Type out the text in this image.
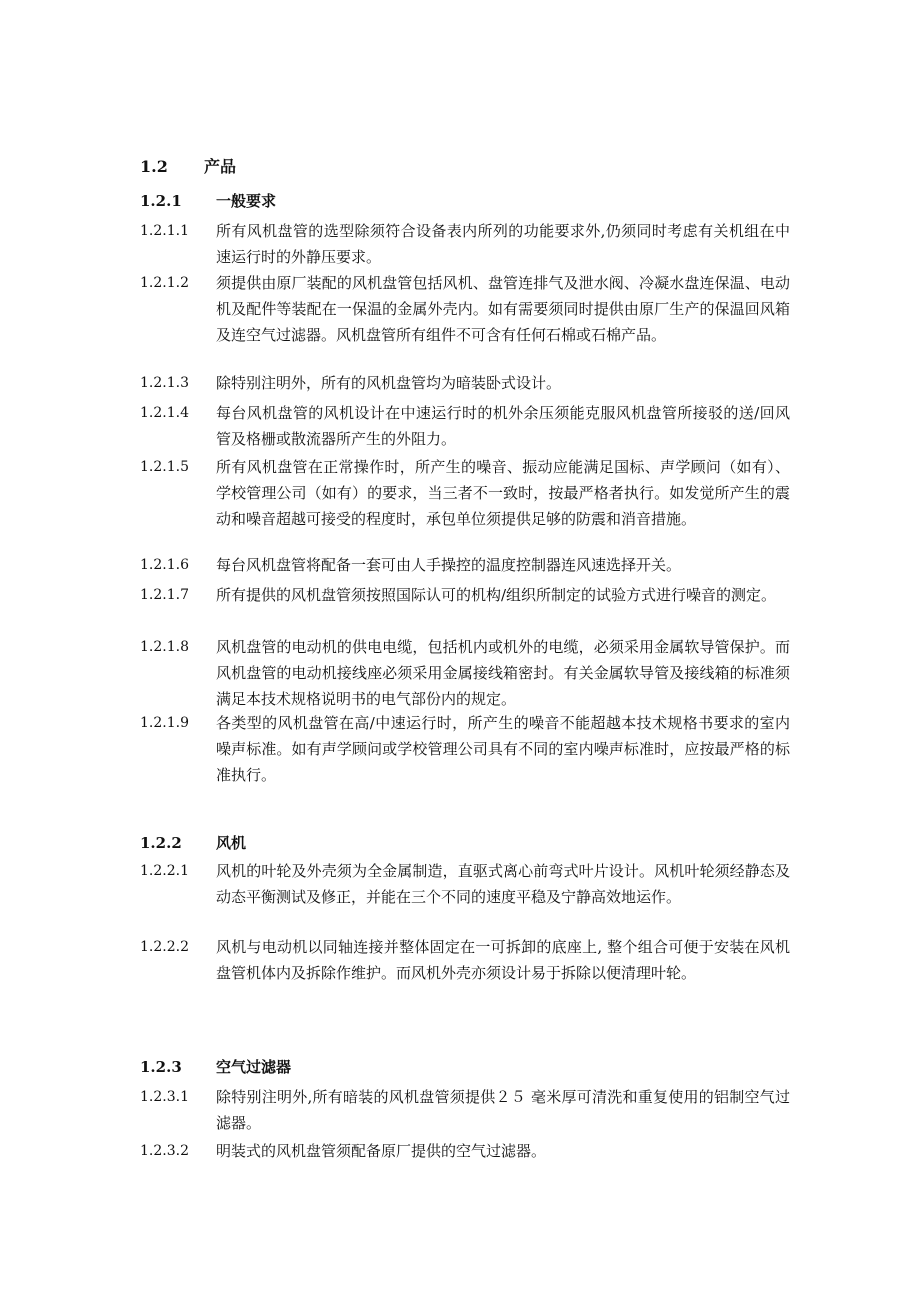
1.2 产品
1.2.1 一般要求
1.2.1.1 所有风机盘管的选型除须符合设备表内所列的功能要求外,仍须同时考虑有关机组在中速运行时的外静压要求。
1.2.1.2 须提供由原厂装配的风机盘管包括风机、盘管连排气及泄水阀、冷凝水盘连保温、电动机及配件等装配在一保温的金属外壳内。如有需要须同时提供由原厂生产的保温回风箱及连空气过滤器。风机盘管所有组件不可含有任何石棉或石棉产品。
1.2.1.3 除特别注明外，所有的风机盘管均为暗装卧式设计。
1.2.1.4 每台风机盘管的风机设计在中速运行时的机外余压须能克服风机盘管所接驳的送/回风管及格栅或散流器所产生的外阻力。
1.2.1.5 所有风机盘管在正常操作时，所产生的噪音、振动应能满足国标、声学顾问（如有）、学校管理公司（如有）的要求，当三者不一致时，按最严格者执行。如发觉所产生的震动和噪音超越可接受的程度时，承包单位须提供足够的防震和消音措施。
1.2.1.6 每台风机盘管将配备一套可由人手操控的温度控制器连风速选择开关。
1.2.1.7 所有提供的风机盘管须按照国际认可的机构/组织所制定的试验方式进行噪音的测定。
1.2.1.8 风机盘管的电动机的供电电缆，包括机内或机外的电缆，必须采用金属软导管保护。而风机盘管的电动机接线座必须采用金属接线箱密封。有关金属软导管及接线箱的标准须满足本技术规格说明书的电气部份内的规定。
1.2.1.9 各类型的风机盘管在高/中速运行时，所产生的噪音不能超越本技术规格书要求的室内噪声标准。如有声学顾问或学校管理公司具有不同的室内噪声标准时，应按最严格的标准执行。
1.2.2 风机
1.2.2.1 风机的叶轮及外壳须为全金属制造，直驱式离心前弯式叶片设计。风机叶轮须经静态及动态平衡测试及修正，并能在三个不同的速度平稳及宁静高效地运作。
1.2.2.2 风机与电动机以同轴连接并整体固定在一可拆卸的底座上, 整个组合可便于安装在风机盘管机体内及拆除作维护。而风机外壳亦须设计易于拆除以便清理叶轮。
1.2.3 空气过滤器
1.2.3.1 除特别注明外,所有暗装的风机盘管须提供２５ 毫米厚可清洗和重复使用的铝制空气过滤器。
1.2.3.2 明装式的风机盘管须配备原厂提供的空气过滤器。
